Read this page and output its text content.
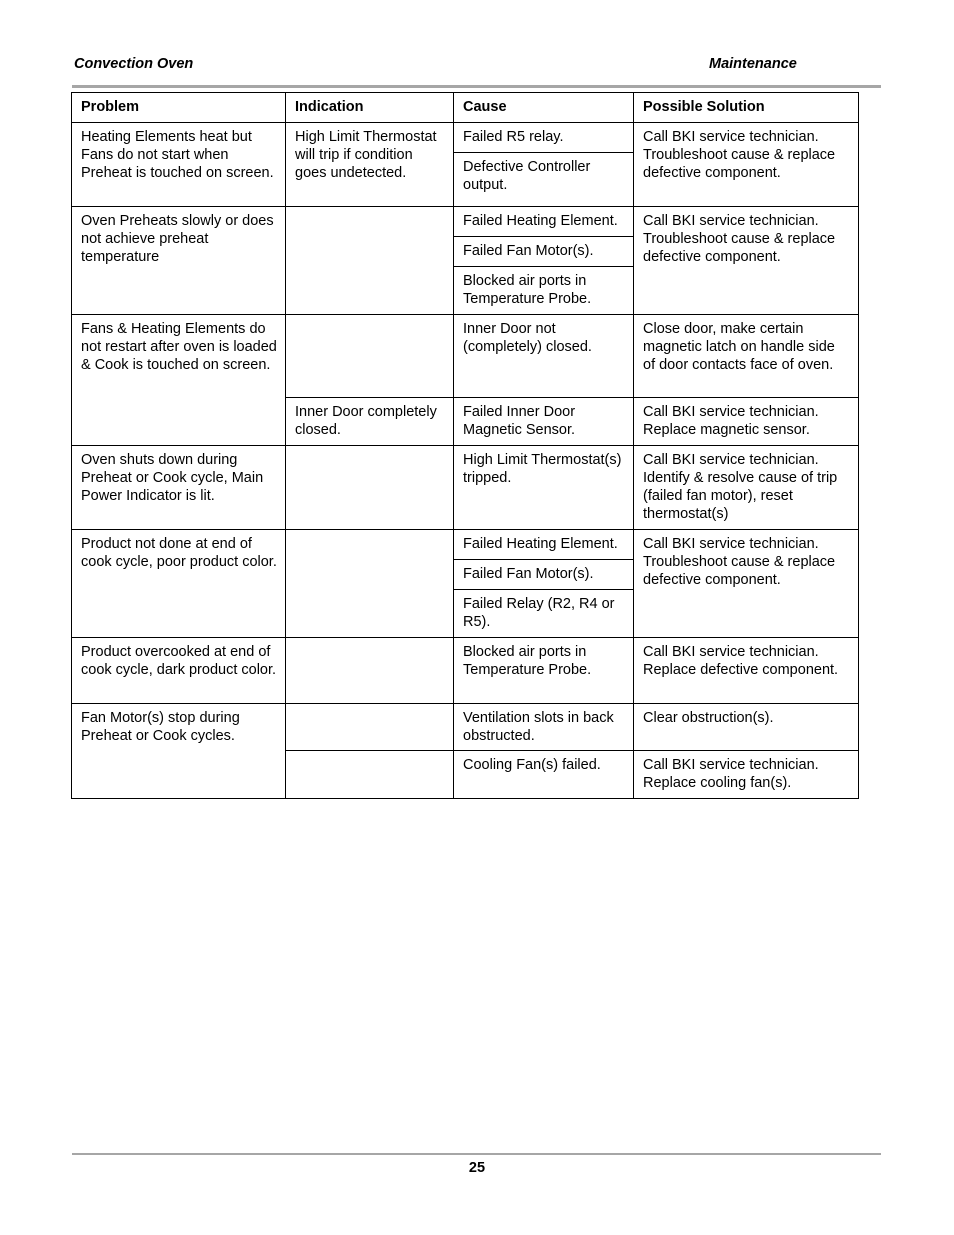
Convection Oven	Maintenance
Problem	Indication	Cause	Possible Solution
Heating Elements heat but Fans do not start when Preheat is touched on screen.	High Limit Thermostat will trip if condition goes undetected.	Failed R5 relay.	Call BKI service technician. Troubleshoot cause & replace defective component.
		Defective Controller output.	
Oven Preheats slowly or does not achieve preheat temperature		Failed Heating Element.	Call BKI service technician. Troubleshoot cause & replace defective component.
		Failed Fan Motor(s).	
		Blocked air ports in Temperature Probe.	
Fans & Heating Elements do not restart after oven is loaded & Cook is touched on screen.		Inner Door not (completely) closed.	Close door, make certain magnetic latch on handle side of door contacts face of oven.
	Inner Door completely closed.	Failed Inner Door Magnetic Sensor.	Call BKI service technician. Replace magnetic sensor.
Oven shuts down during Preheat or Cook cycle, Main Power Indicator is lit.		High Limit Thermostat(s) tripped.	Call BKI service technician. Identify & resolve cause of trip (failed fan motor), reset thermostat(s)
Product not done at end of cook cycle, poor product color.		Failed Heating Element.	Call BKI service technician. Troubleshoot cause & replace defective component.
		Failed Fan Motor(s).	
		Failed Relay (R2, R4 or R5).	
Product overcooked at end of cook cycle, dark product color.		Blocked air ports in Temperature Probe.	Call BKI service technician. Replace defective component.
Fan Motor(s) stop during Preheat or Cook cycles.		Ventilation slots in back obstructed.	Clear obstruction(s).
		Cooling Fan(s) failed.	Call BKI service technician. Replace cooling fan(s).
25
